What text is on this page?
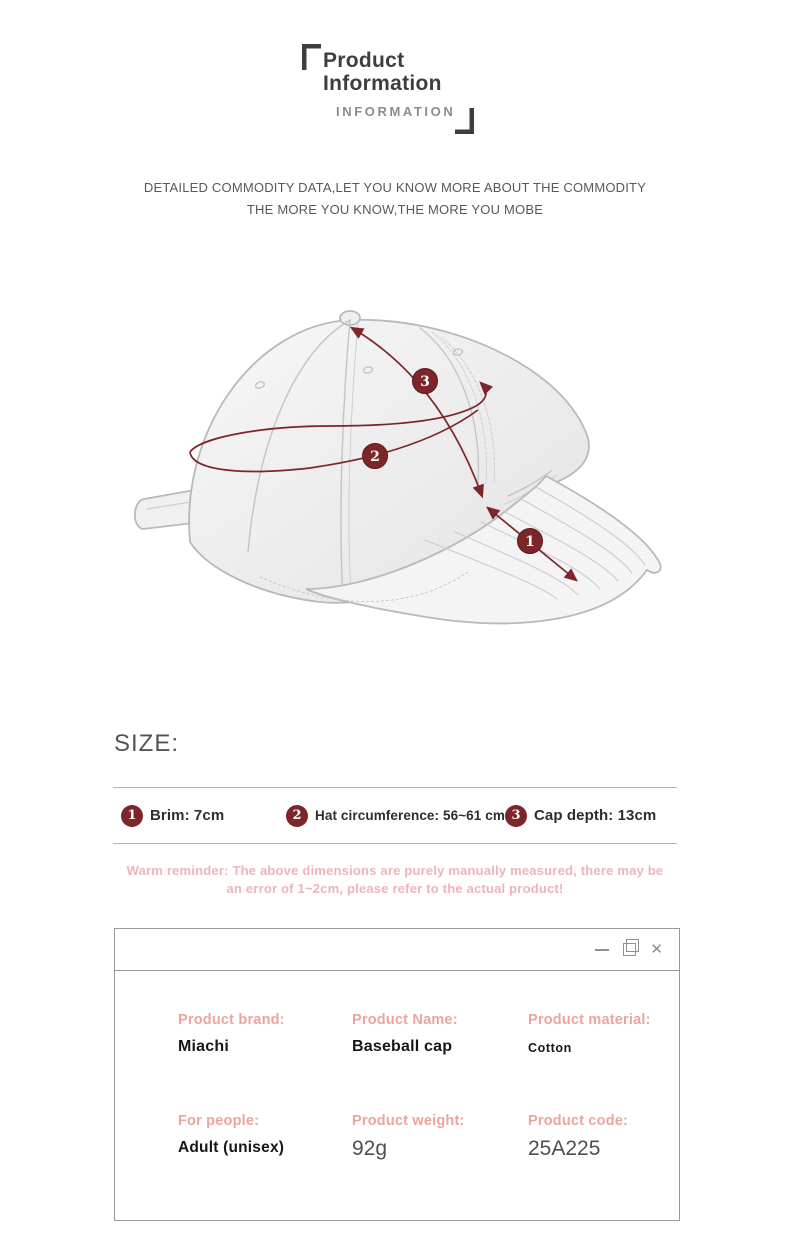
Product
Information
INFORMATION
DETAILED COMMODITY DATA,LET YOU KNOW MORE ABOUT THE COMMODITY
THE MORE YOU KNOW,THE MORE YOU MOBE
1
2
3
SIZE:
1 Brim: 7cm	2	Hat circumference: 56~61 cm 3 Cap depth: 13cm
Warm reminder: The above dimensions are purely manually measured, there may be
an error of 1~2cm, please refer to the actual product!
✕
Product brand:
Miachi
Product Name:
Baseball cap
Product material:
Cotton
For people:
Adult (unisex)
Product weight:
92g
Product code:
25A225
